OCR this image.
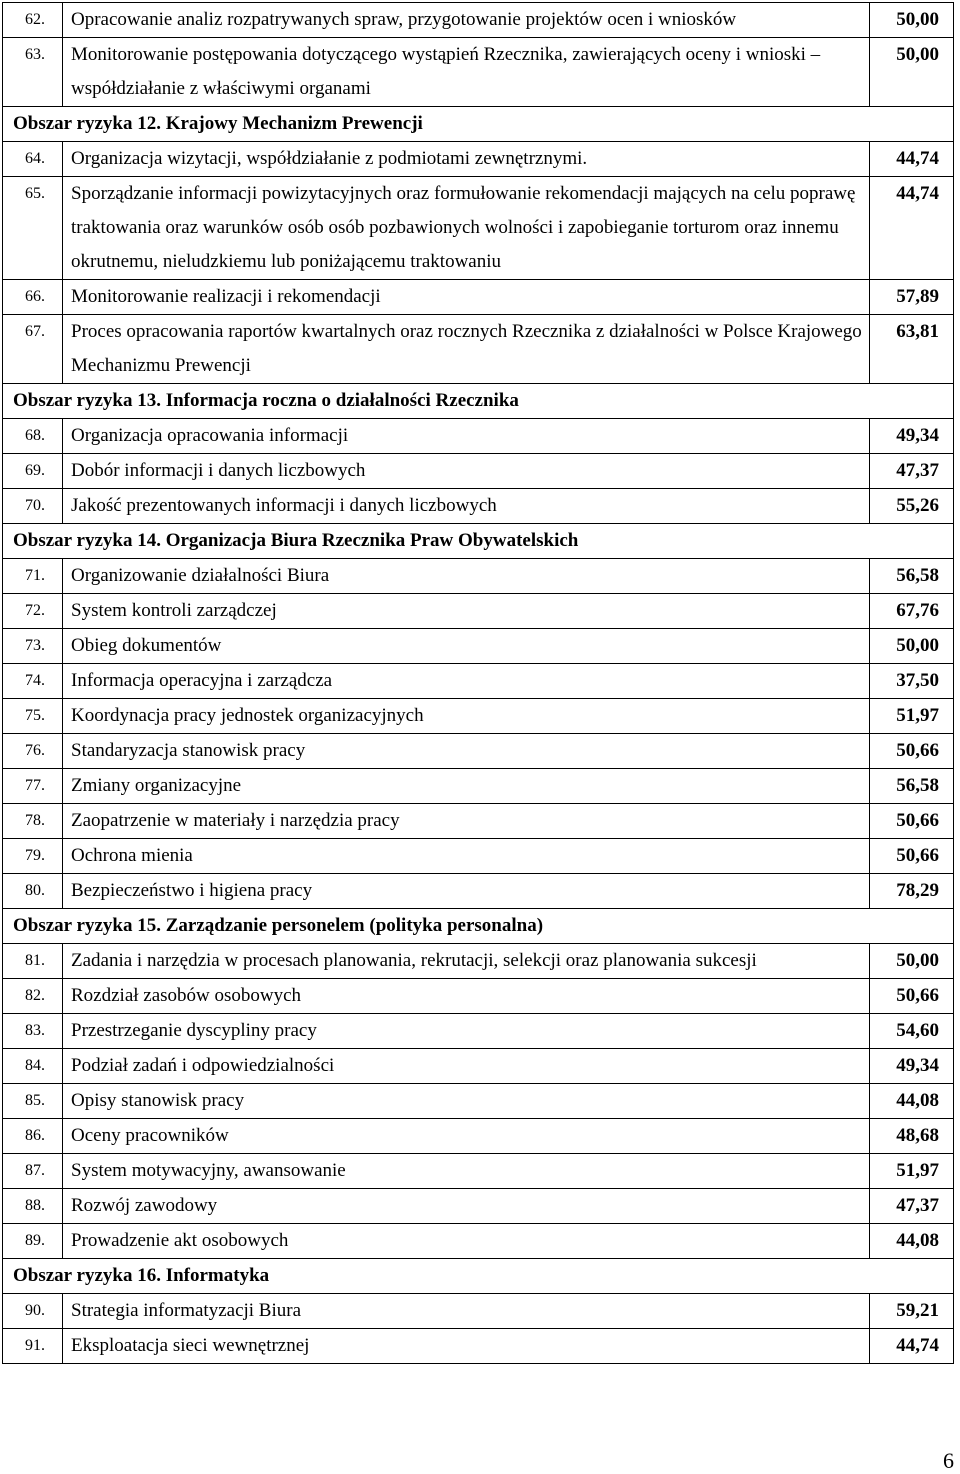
62.	Opracowanie analiz rozpatrywanych spraw, przygotowanie projektów ocen i wniosków	50,00
63.	Monitorowanie postępowania dotyczącego wystąpień Rzecznika, zawierających oceny i wnioski – współdziałanie z właściwymi organami	50,00
Obszar ryzyka 12. Krajowy Mechanizm Prewencji		
64.	Organizacja wizytacji, współdziałanie z podmiotami zewnętrznymi.	44,74
65.	Sporządzanie informacji powizytacyjnych oraz formułowanie rekomendacji mających na celu poprawę traktowania oraz warunków osób osób pozbawionych wolności i zapobieganie torturom oraz innemu okrutnemu, nieludzkiemu lub poniżającemu traktowaniu	44,74
66.	Monitorowanie realizacji i rekomendacji	57,89
67.	Proces opracowania raportów kwartalnych oraz rocznych Rzecznika z działalności w Polsce Krajowego Mechanizmu Prewencji	63,81
Obszar ryzyka 13. Informacja roczna o działalności Rzecznika		
68.	Organizacja opracowania informacji	49,34
69.	Dobór informacji i danych liczbowych	47,37
70.	Jakość prezentowanych informacji i danych liczbowych	55,26
Obszar ryzyka 14. Organizacja Biura Rzecznika Praw Obywatelskich		
71.	Organizowanie działalności Biura	56,58
72.	System kontroli zarządczej	67,76
73.	Obieg dokumentów	50,00
74.	Informacja operacyjna i zarządcza	37,50
75.	Koordynacja pracy jednostek organizacyjnych	51,97
76.	Standaryzacja stanowisk pracy	50,66
77.	Zmiany organizacyjne	56,58
78.	Zaopatrzenie w materiały i narzędzia pracy	50,66
79.	Ochrona mienia	50,66
80.	Bezpieczeństwo i higiena pracy	78,29
Obszar ryzyka 15. Zarządzanie personelem (polityka personalna)		
81.	Zadania i narzędzia w procesach planowania, rekrutacji, selekcji oraz planowania sukcesji	50,00
82.	Rozdział zasobów osobowych	50,66
83.	Przestrzeganie dyscypliny pracy	54,60
84.	Podział zadań i odpowiedzialności	49,34
85.	Opisy stanowisk pracy	44,08
86.	Oceny pracowników	48,68
87.	System motywacyjny, awansowanie	51,97
88.	Rozwój zawodowy	47,37
89.	Prowadzenie akt osobowych	44,08
Obszar ryzyka 16. Informatyka		
90.	Strategia informatyzacji Biura	59,21
91.	Eksploatacja sieci wewnętrznej	44,74
6
